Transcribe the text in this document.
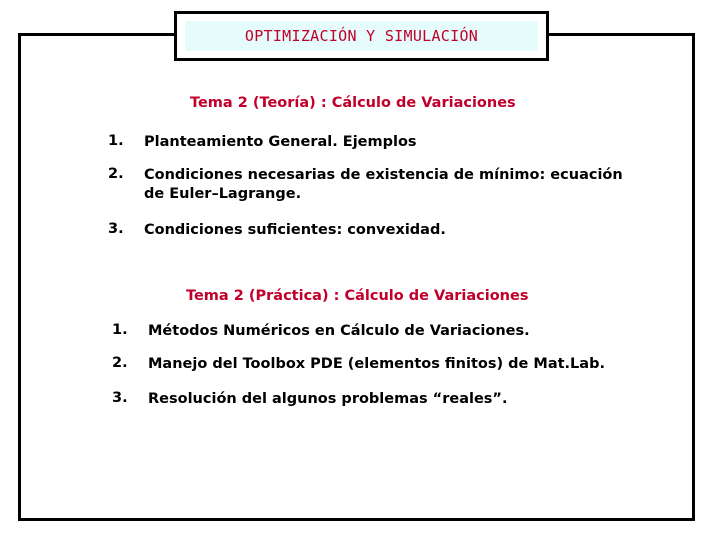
OPTIMIZACIÓN Y SIMULACIÓN
Tema 2 (Teoría) : Cálculo de Variaciones
1. Planteamiento General. Ejemplos
2. Condiciones necesarias de existencia de mínimo: ecuación de Euler–Lagrange.
3. Condiciones suficientes: convexidad.
Tema 2 (Práctica) : Cálculo de Variaciones
1. Métodos Numéricos en Cálculo de Variaciones.
2. Manejo del Toolbox PDE (elementos finitos) de Mat.Lab.
3. Resolución del algunos problemas “reales”.
